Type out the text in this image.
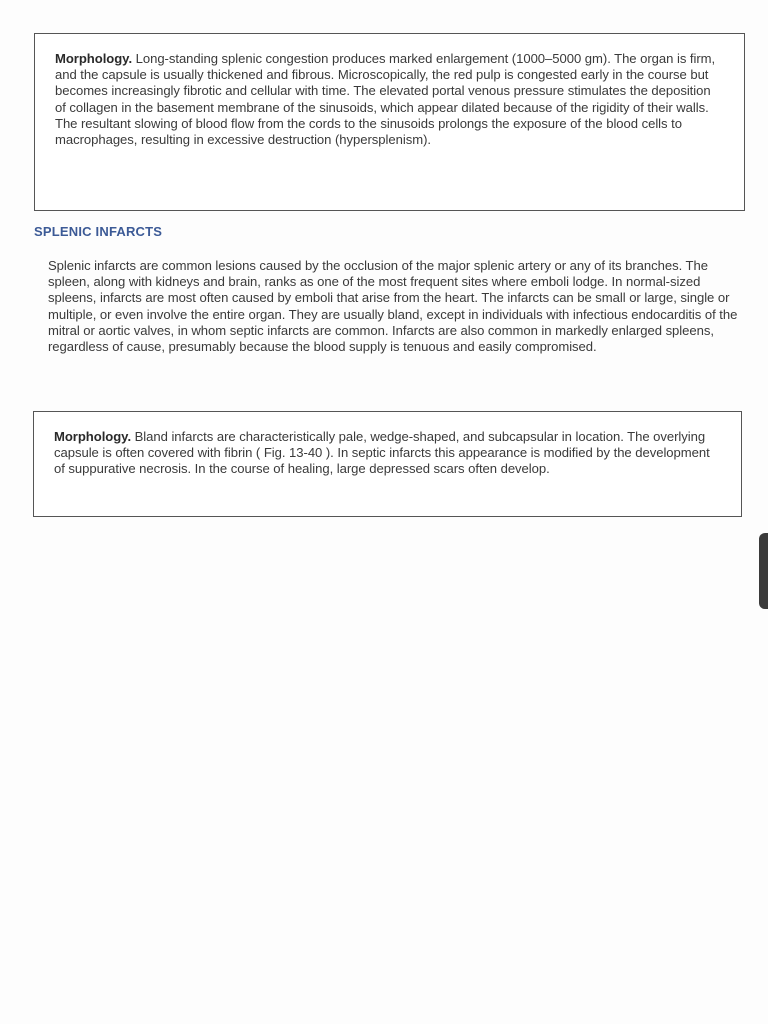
Morphology. Long-standing splenic congestion produces marked enlargement (1000–5000 gm). The organ is firm, and the capsule is usually thickened and fibrous. Microscopically, the red pulp is congested early in the course but becomes increasingly fibrotic and cellular with time. The elevated portal venous pressure stimulates the deposition of collagen in the basement membrane of the sinusoids, which appear dilated because of the rigidity of their walls. The resultant slowing of blood flow from the cords to the sinusoids prolongs the exposure of the blood cells to macrophages, resulting in excessive destruction (hypersplenism).

SPLENIC INFARCTS

Splenic infarcts are common lesions caused by the occlusion of the major splenic artery or any of its branches. The spleen, along with kidneys and brain, ranks as one of the most frequent sites where emboli lodge. In normal-sized spleens, infarcts are most often caused by emboli that arise from the heart. The infarcts can be small or large, single or multiple, or even involve the entire organ. They are usually bland, except in individuals with infectious endocarditis of the mitral or aortic valves, in whom septic infarcts are common. Infarcts are also common in markedly enlarged spleens, regardless of cause, presumably because the blood supply is tenuous and easily compromised.

Morphology. Bland infarcts are characteristically pale, wedge-shaped, and subcapsular in location. The overlying capsule is often covered with fibrin ( Fig. 13-40 ). In septic infarcts this appearance is modified by the development of suppurative necrosis. In the course of healing, large depressed scars often develop.
